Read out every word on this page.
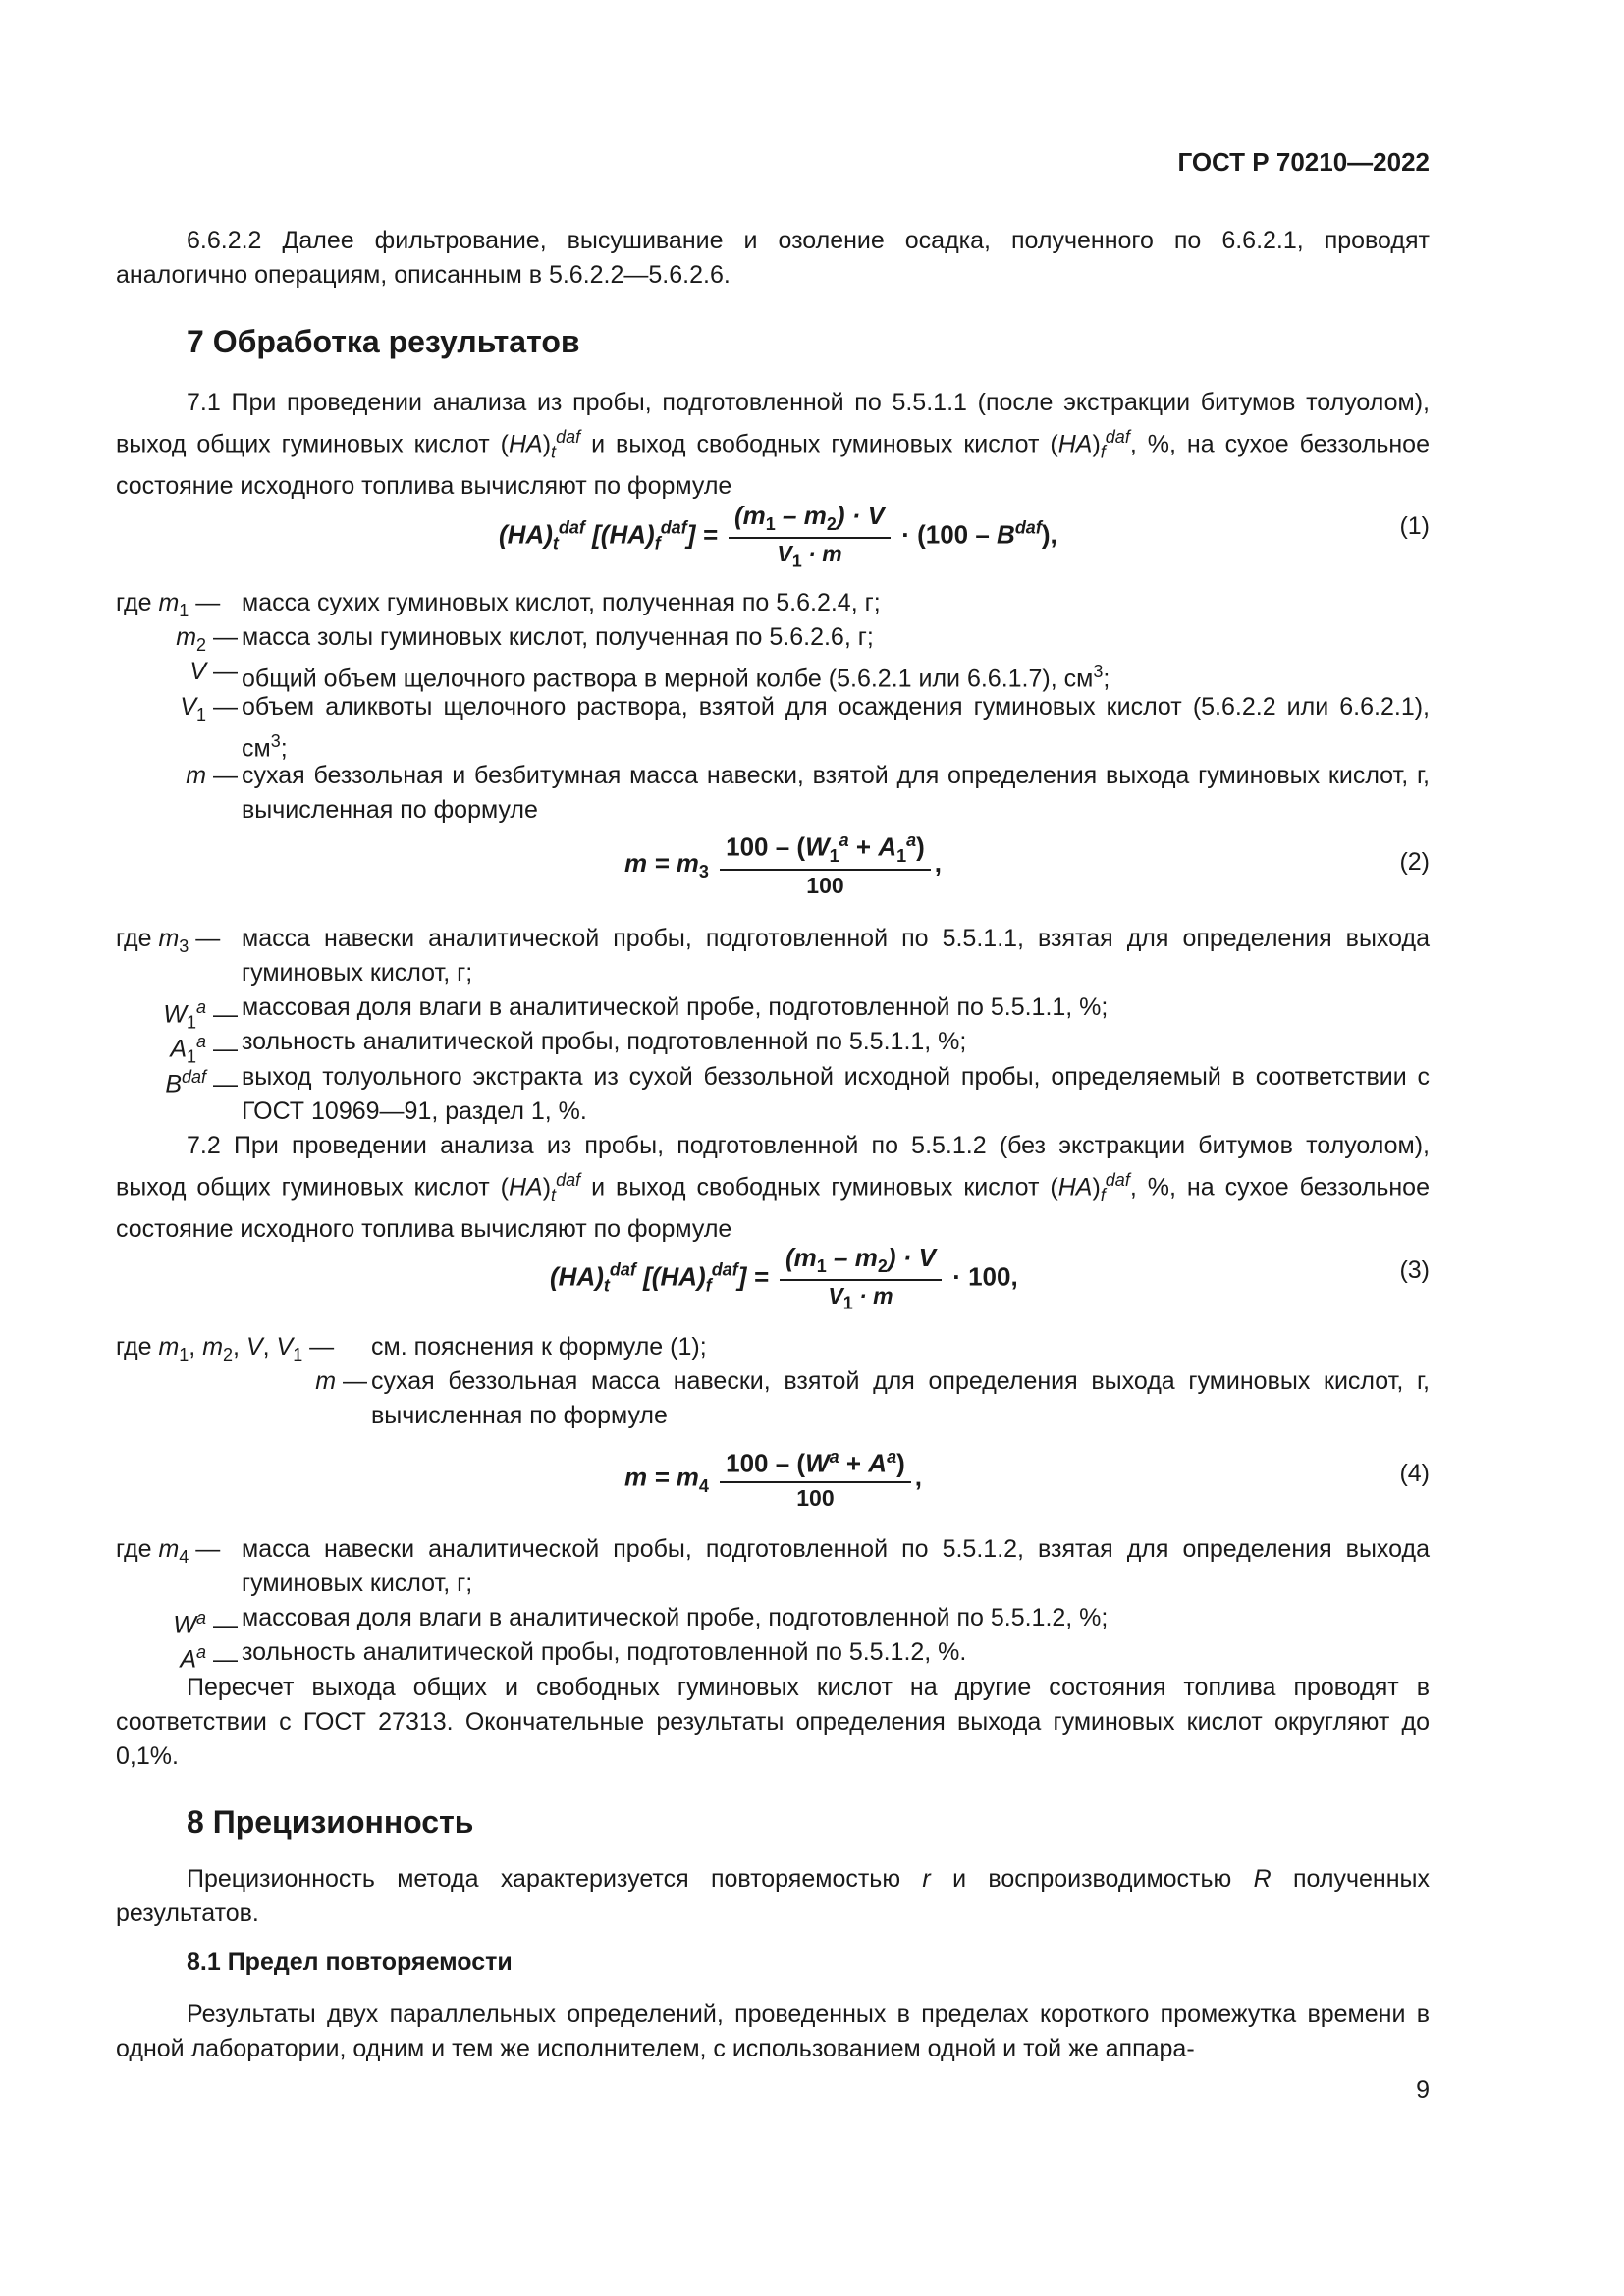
ГОСТ Р 70210—2022

6.6.2.2 Далее фильтрование, высушивание и озоление осадка, полученного по 6.6.2.1, проводят аналогично операциям, описанным в 5.6.2.2—5.6.2.6.

7 Обработка результатов

7.1 При проведении анализа из пробы, подготовленной по 5.5.1.1 (после экстракции битумов толуолом), выход общих гуминовых кислот $(HA)_t^{daf}$ и выход свободных гуминовых кислот $(HA)_f^{daf}$, %, на сухое беззольное состояние исходного топлива вычисляют по формуле

$(HA)_t^{daf}$ $[(HA)_f^{daf}] = \frac{(m_1 - m_2) \cdot V}{V_1 \cdot m} \cdot (100 - B^{daf})$,	(1)
где $m_1$ — масса сухих гуминовых кислот, полученная по 5.6.2.4, г;
$m_2$ — масса золы гуминовых кислот, полученная по 5.6.2.6, г;
V — общий объем щелочного раствора в мерной колбе (5.6.2.1 или 6.6.1.7), $см^3$;
$V_1$ — объем аликвоты щелочного раствора, взятой для осаждения гуминовых кислот (5.6.2.2 или 6.6.2.1), $см^3$;
m — сухая беззольная и безбитумная масса навески, взятой для определения выхода гуминовых кислот, г, вычисленная по формуле
$m = m_3 \frac{100 - (W_1^a + A_1^a)}{100}$ ,	(2)
где $m_3$ — масса навески аналитической пробы, подготовленной по 5.5.1.1, взятая для определения выхода гуминовых кислот, г;
$W_1^a$ — массовая доля влаги в аналитической пробе, подготовленной по 5.5.1.1, %;
$A_1^a$ — зольность аналитической пробы, подготовленной по 5.5.1.1, %;
$B^{daf}$ — выход толуольного экстракта из сухой беззольной исходной пробы, определяемый в соответствии с ГОСТ 10969—91, раздел 1, %.

7.2 При проведении анализа из пробы, подготовленной по 5.5.1.2 (без экстракции битумов толуолом), выход общих гуминовых кислот $(HA)_t^{daf}$ и выход свободных гуминовых кислот $(HA)_f^{daf}$, %, на сухое беззольное состояние исходного топлива вычисляют по формуле

$(HA)_t^{daf}$ $[(HA)_f^{daf}] = \frac{(m_1 - m_2) \cdot V}{V_1 \cdot m} \cdot 100$,	(3)
где $m_1$, $m_2$, V, $V_1$ — см. пояснения к формуле (1);
m — сухая беззольная масса навески, взятой для определения выхода гуминовых кислот, г, вычисленная по формуле
$m = m_4 \frac{100 - (W^a + A^a)}{100}$ ,	(4)
где $m_4$ — масса навески аналитической пробы, подготовленной по 5.5.1.2, взятая для определения выхода гуминовых кислот, г;
$W^a$ — массовая доля влаги в аналитической пробе, подготовленной по 5.5.1.2, %;
$A^a$ — зольность аналитической пробы, подготовленной по 5.5.1.2, %.

Пересчет выхода общих и свободных гуминовых кислот на другие состояния топлива проводят в соответствии с ГОСТ 27313. Окончательные результаты определения выхода гуминовых кислот округляют до 0,1%.

8 Прецизионность

Прецизионность метода характеризуется повторяемостью r и воспроизводимостью R полученных результатов.

8.1 Предел повторяемости

Результаты двух параллельных определений, проведенных в пределах короткого промежутка времени в одной лаборатории, одним и тем же исполнителем, с использованием одной и той же аппара-

9
